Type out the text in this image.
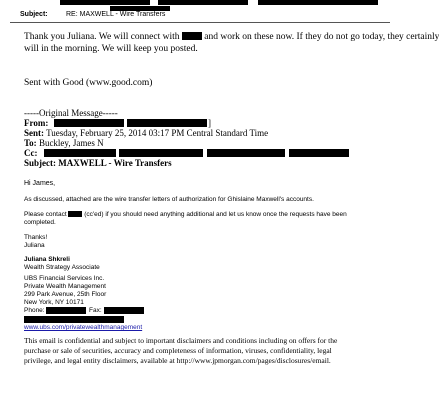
Subject:	RE: MAXWELL - Wire Transfers
Thank you Juliana. We will connect with	and work on these now. If they do not go today, they certainly
will in the morning. We will keep you posted.
Sent with Good (www.good.com)
-----Original Message-----
From:	]
Sent: Tuesday, February 25, 2014 03:17 PM Central Standard Time
To: Buckley, James N
Cc:
Subject: MAXWELL - Wire Transfers
Hi James,
As discussed, attached are the wire transfer letters of authorization for Ghislaine Maxwell's accounts.
Please contact	(cc'ed) if you should need anything additional and let us know once the requests have been
completed.
Thanks!
Juliana
Juliana Shkreli
Wealth Strategy Associate
UBS Financial Services Inc.
Private Wealth Management
299 Park Avenue, 25th Floor
New York, NY 10171
Phone:	Fax:
www.ubs.com/privatewealthmanagement
This email is confidential and subject to important disclaimers and conditions including on offers for the
purchase or sale of securities, accuracy and completeness of information, viruses, confidentiality, legal
privilege, and legal entity disclaimers, available at http://www.jpmorgan.com/pages/disclosures/email.
